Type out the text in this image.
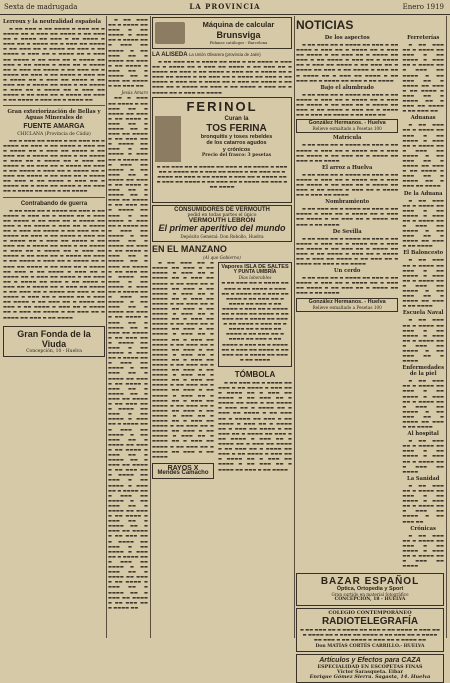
Sexta de madrugada	LA PROVINCIA	Enero 1919
Lerroux y la neutralidad española
▬ ▬▬ ▬▬▬ ▬ ▬▬ ▬▬▬▬ ▬ ▬▬▬ ▬▬ ▬ ▬▬▬▬ ▬▬ ▬ ▬▬▬ ▬▬ ▬▬▬▬ ▬ ▬▬ ▬▬▬ ▬▬ ▬ ▬▬▬▬ ▬▬ ▬▬▬ ▬ ▬▬ ▬▬▬▬ ▬ ▬▬▬ ▬▬ ▬ ▬▬▬▬ ▬▬ ▬ ▬▬▬ ▬▬ ▬▬▬▬ ▬ ▬▬ ▬▬▬ ▬▬ ▬ ▬▬▬▬ ▬▬ ▬▬▬ ▬ ▬▬ ▬▬▬▬ ▬ ▬▬▬ ▬▬ ▬ ▬▬▬▬ ▬▬ ▬ ▬▬▬ ▬▬ ▬▬▬▬ ▬ ▬▬ ▬▬▬ ▬▬ ▬ ▬▬▬▬ ▬▬ ▬▬▬ ▬ ▬▬ ▬▬▬▬ ▬ ▬▬▬ ▬▬ ▬ ▬▬▬▬ ▬▬ ▬ ▬▬▬ ▬▬ ▬▬▬▬ ▬ ▬▬ ▬▬▬ ▬▬ ▬ ▬▬▬▬ ▬▬ ▬▬▬ ▬ ▬▬ ▬▬▬▬ ▬ ▬▬▬ ▬▬ ▬ ▬▬▬▬ ▬▬ ▬ ▬▬▬ ▬▬ ▬▬▬▬ ▬ ▬▬ ▬▬▬ ▬▬ ▬ ▬▬▬▬ ▬▬ ▬▬▬ ▬ ▬▬ ▬▬▬▬ ▬ ▬▬▬ ▬▬ ▬ ▬▬▬▬ ▬▬ ▬ ▬▬▬ ▬▬ ▬▬▬▬ ▬ ▬▬ ▬▬▬ ▬▬ ▬ ▬▬▬▬ ▬▬ ▬▬▬ ▬ ▬▬ ▬▬▬▬ ▬ ▬▬▬ ▬▬ ▬ ▬▬▬▬ ▬▬
Gran exteriorización de Bellas y Aguas Minerales de
FUENTE AMARGA
CHICLANA (Provincia de Cádiz)
▬▬ ▬ ▬▬▬ ▬▬ ▬▬▬▬ ▬ ▬▬ ▬▬▬ ▬▬ ▬ ▬▬▬▬ ▬▬ ▬▬▬ ▬ ▬▬ ▬▬▬▬ ▬ ▬▬▬ ▬▬ ▬ ▬▬▬▬ ▬▬ ▬ ▬▬▬ ▬▬ ▬▬▬▬ ▬ ▬▬ ▬▬▬ ▬▬ ▬ ▬▬▬▬ ▬▬ ▬▬▬ ▬ ▬▬ ▬▬▬▬ ▬ ▬▬▬ ▬▬ ▬ ▬▬▬▬ ▬▬ ▬ ▬▬▬ ▬▬ ▬▬▬▬ ▬ ▬▬ ▬▬▬ ▬▬ ▬ ▬▬▬▬ ▬▬ ▬▬▬ ▬ ▬▬ ▬▬▬▬ ▬ ▬▬▬ ▬▬ ▬ ▬▬▬▬ ▬▬ ▬ ▬▬▬ ▬▬ ▬▬▬▬ ▬ ▬▬ ▬▬▬ ▬▬ ▬ ▬▬▬▬ ▬▬ ▬▬▬ ▬ ▬▬ ▬▬▬▬ ▬ ▬▬▬ ▬▬ ▬ ▬▬▬▬ ▬▬ ▬ ▬▬▬ ▬▬ ▬▬▬▬ ▬ ▬▬ ▬▬▬ ▬▬ ▬ ▬▬▬▬ ▬▬ ▬▬▬ ▬ ▬▬ ▬▬▬▬
Contrabando de guerra
▬ ▬▬ ▬▬▬ ▬▬ ▬ ▬▬▬▬ ▬▬ ▬▬▬ ▬ ▬▬ ▬▬▬▬ ▬ ▬▬▬ ▬▬ ▬ ▬▬▬▬ ▬▬ ▬ ▬▬▬ ▬▬ ▬▬▬▬ ▬ ▬▬ ▬▬▬ ▬▬ ▬ ▬▬▬▬ ▬▬ ▬▬▬ ▬ ▬▬ ▬▬▬▬ ▬ ▬▬▬ ▬▬ ▬ ▬▬▬▬ ▬▬ ▬ ▬▬▬ ▬▬ ▬▬▬▬ ▬ ▬▬ ▬▬▬ ▬▬ ▬ ▬▬▬▬ ▬▬ ▬▬▬ ▬ ▬▬ ▬▬▬▬ ▬ ▬▬▬ ▬▬ ▬ ▬▬▬▬ ▬▬ ▬ ▬▬▬ ▬▬ ▬▬▬▬ ▬ ▬▬ ▬▬▬ ▬▬ ▬ ▬▬▬▬ ▬▬ ▬▬▬ ▬ ▬▬ ▬▬▬▬ ▬ ▬▬▬ ▬▬ ▬ ▬▬▬▬ ▬▬ ▬ ▬▬▬ ▬▬ ▬▬▬▬ ▬ ▬▬ ▬▬▬ ▬▬ ▬ ▬▬▬▬ ▬▬ ▬▬▬ ▬ ▬▬ ▬▬▬▬ ▬ ▬▬▬ ▬▬ ▬ ▬▬▬▬ ▬▬ ▬ ▬▬▬ ▬▬ ▬▬▬▬ ▬ ▬▬ ▬▬▬ ▬▬ ▬ ▬▬▬▬ ▬▬ ▬▬▬ ▬ ▬▬ ▬▬▬▬ ▬ ▬▬▬ ▬▬ ▬ ▬▬▬▬ ▬▬ ▬ ▬▬▬ ▬▬ ▬▬▬▬ ▬ ▬▬ ▬▬▬ ▬▬ ▬ ▬▬▬▬ ▬▬ ▬▬▬ ▬ ▬▬ ▬▬▬▬ ▬ ▬▬▬ ▬▬ ▬ ▬▬▬▬ ▬▬ ▬ ▬▬▬ ▬▬ ▬▬▬▬ ▬ ▬▬ ▬▬▬ ▬▬ ▬ ▬▬▬▬ ▬▬ ▬▬▬ ▬ ▬▬ ▬▬▬▬ ▬ ▬▬▬ ▬▬ ▬ ▬▬▬▬ ▬▬ ▬ ▬▬▬ ▬▬ ▬▬▬▬ ▬ ▬▬ ▬▬▬ ▬▬ ▬ ▬▬▬▬ ▬▬ ▬▬▬ ▬ ▬▬ ▬▬▬▬ ▬ ▬▬▬ ▬▬ ▬ ▬▬▬▬ ▬▬ ▬ ▬▬▬ ▬▬ ▬▬▬▬ ▬ ▬▬ ▬▬▬ ▬▬ ▬ ▬▬▬▬ ▬▬ ▬▬▬ ▬ ▬▬ ▬▬▬▬
Gran Fonda de la Viuda
Concepción, 10 - Huelva
▬ ▬▬ ▬▬▬ ▬▬ ▬ ▬▬▬▬ ▬▬ ▬▬▬ ▬ ▬▬ ▬▬▬▬ ▬ ▬▬▬ ▬▬ ▬ ▬▬▬▬ ▬▬ ▬ ▬▬▬ ▬▬ ▬▬▬▬ ▬ ▬▬ ▬▬▬ ▬▬ ▬ ▬▬▬▬ ▬▬ ▬▬▬ ▬ ▬▬ ▬▬▬▬ ▬ ▬▬▬ ▬▬ ▬ ▬▬▬▬ ▬▬ ▬ ▬▬▬ ▬▬ ▬▬▬▬ ▬ ▬▬ ▬▬▬ ▬▬
Jesús Amaro
▬▬ ▬ ▬▬▬ ▬▬ ▬▬▬▬ ▬ ▬▬ ▬▬▬ ▬▬ ▬ ▬▬▬▬ ▬▬ ▬▬▬ ▬ ▬▬ ▬▬▬▬ ▬ ▬▬▬ ▬▬ ▬ ▬▬▬▬ ▬▬ ▬ ▬▬▬ ▬▬ ▬▬▬▬ ▬ ▬▬ ▬▬▬ ▬▬ ▬ ▬▬▬▬ ▬▬ ▬▬▬ ▬ ▬▬ ▬▬▬▬ ▬ ▬▬▬ ▬▬ ▬ ▬▬▬▬ ▬▬ ▬ ▬▬▬ ▬▬ ▬▬▬▬ ▬ ▬▬ ▬▬▬ ▬▬ ▬ ▬▬▬▬ ▬▬ ▬▬▬ ▬ ▬▬ ▬▬▬▬ ▬ ▬▬▬ ▬▬ ▬ ▬▬▬▬ ▬▬ ▬ ▬▬▬ ▬▬ ▬▬▬▬ ▬ ▬▬ ▬▬▬ ▬▬ ▬ ▬▬▬▬ ▬▬ ▬▬▬ ▬ ▬▬ ▬▬▬▬ ▬ ▬▬▬ ▬▬ ▬ ▬▬▬▬ ▬▬ ▬ ▬▬▬ ▬▬ ▬▬▬▬ ▬ ▬▬ ▬▬▬ ▬▬ ▬ ▬▬▬▬ ▬▬ ▬▬▬ ▬ ▬▬ ▬▬▬▬ ▬ ▬▬▬ ▬▬ ▬ ▬▬▬▬ ▬▬ ▬ ▬▬▬ ▬▬ ▬▬▬▬ ▬ ▬▬ ▬▬▬ ▬▬ ▬ ▬▬▬▬ ▬▬ ▬▬▬ ▬ ▬▬ ▬▬▬▬ ▬ ▬▬▬ ▬▬ ▬ ▬▬▬▬ ▬▬ ▬ ▬▬▬ ▬▬ ▬▬▬▬ ▬ ▬▬ ▬▬▬ ▬▬ ▬ ▬▬▬▬ ▬▬ ▬▬▬ ▬ ▬▬ ▬▬▬▬ ▬ ▬▬▬ ▬▬ ▬ ▬▬▬▬ ▬▬ ▬ ▬▬▬ ▬▬ ▬▬▬▬ ▬ ▬▬ ▬▬▬ ▬▬ ▬ ▬▬▬▬ ▬▬ ▬▬▬ ▬ ▬▬ ▬▬▬▬ ▬ ▬▬▬ ▬▬ ▬ ▬▬▬▬ ▬▬ ▬ ▬▬▬ ▬▬ ▬▬▬▬ ▬ ▬▬ ▬▬▬ ▬▬ ▬ ▬▬▬▬ ▬▬ ▬▬▬ ▬ ▬▬ ▬▬▬▬ ▬ ▬▬▬ ▬▬ ▬ ▬▬▬▬ ▬▬ ▬ ▬▬▬ ▬▬ ▬▬▬▬ ▬ ▬▬ ▬▬▬ ▬▬ ▬ ▬▬▬▬ ▬▬ ▬▬▬ ▬ ▬▬ ▬▬▬▬ ▬ ▬▬▬ ▬▬ ▬ ▬▬▬▬ ▬▬ ▬ ▬▬▬ ▬▬ ▬▬▬▬ ▬ ▬▬ ▬▬▬ ▬▬ ▬ ▬▬▬▬ ▬▬ ▬▬▬ ▬ ▬▬ ▬▬▬▬ ▬ ▬▬▬ ▬▬ ▬ ▬▬▬▬ ▬▬ ▬ ▬▬▬ ▬▬ ▬▬▬▬ ▬ ▬▬ ▬▬▬ ▬▬ ▬ ▬▬▬▬ ▬▬ ▬▬▬ ▬ ▬▬ ▬▬▬▬ ▬ ▬▬▬ ▬▬ ▬ ▬▬▬▬ ▬▬ ▬ ▬▬▬ ▬▬ ▬▬▬▬ ▬ ▬▬ ▬▬▬ ▬▬ ▬ ▬▬▬▬ ▬▬ ▬▬▬ ▬ ▬▬ ▬▬▬▬ ▬ ▬▬▬ ▬▬ ▬ ▬▬▬▬ ▬▬ ▬ ▬▬▬ ▬▬ ▬▬▬▬ ▬ ▬▬ ▬▬▬ ▬▬ ▬ ▬▬▬▬ ▬▬ ▬▬▬ ▬ ▬▬ ▬▬▬▬ ▬ ▬▬▬ ▬▬ ▬ ▬▬▬▬ ▬▬ ▬ ▬▬▬ ▬▬ ▬▬▬▬ ▬ ▬▬ ▬▬▬ ▬▬ ▬ ▬▬▬▬ ▬▬ ▬▬▬ ▬ ▬▬ ▬▬▬▬ ▬ ▬▬▬ ▬▬ ▬ ▬▬▬▬ ▬▬ ▬ ▬▬▬ ▬▬ ▬▬▬▬ ▬ ▬▬ ▬▬▬ ▬▬ ▬ ▬▬▬▬ ▬▬
Máquina de calcular
Brunsviga
Pídanse catálogos - Barcelona
LA ALISEDA La Unión Olivarera (provincia de Jaén)
▬ ▬▬ ▬▬▬ ▬▬ ▬ ▬▬▬▬ ▬▬ ▬▬▬ ▬ ▬▬ ▬▬▬▬ ▬ ▬▬▬ ▬▬ ▬ ▬▬▬▬ ▬▬ ▬ ▬▬▬ ▬▬ ▬▬▬▬ ▬ ▬▬ ▬▬▬ ▬▬ ▬ ▬▬▬▬ ▬▬ ▬▬▬ ▬ ▬▬ ▬▬▬▬ ▬ ▬▬▬ ▬▬ ▬ ▬▬▬▬ ▬▬ ▬ ▬▬▬ ▬▬ ▬▬▬▬ ▬ ▬▬ ▬▬▬ ▬▬ ▬ ▬▬▬▬ ▬▬ ▬▬▬ ▬ ▬▬ ▬▬▬▬ ▬ ▬▬▬ ▬▬ ▬ ▬▬▬▬ ▬▬ ▬ ▬▬▬ ▬▬ ▬▬▬▬ ▬ ▬▬ ▬▬▬ ▬▬ ▬ ▬▬▬▬ ▬▬ ▬▬▬ ▬ ▬▬ ▬▬▬▬ ▬ ▬▬▬ ▬▬ ▬ ▬▬▬▬ ▬▬ ▬ ▬▬▬ ▬▬ ▬▬▬▬
FERINOL
Curan la
TOS FERINA
bronquitis y toses rebeldes
de los catarros agudos
y crónicos
Precio del frasco: 3 pesetas
▬ ▬▬ ▬▬▬ ▬▬ ▬ ▬▬▬▬ ▬▬ ▬▬▬ ▬ ▬▬ ▬▬▬▬ ▬ ▬▬▬ ▬▬ ▬ ▬▬▬▬ ▬▬ ▬ ▬▬▬ ▬▬ ▬▬▬▬ ▬ ▬▬ ▬▬▬ ▬▬ ▬ ▬▬▬▬ ▬▬ ▬▬▬ ▬ ▬▬ ▬▬▬▬ ▬ ▬▬▬ ▬▬ ▬ ▬▬▬▬ ▬▬ ▬ ▬▬▬ ▬▬ ▬▬▬▬ ▬ ▬▬ ▬▬▬ ▬▬ ▬ ▬▬▬▬ ▬▬ ▬▬▬ ▬ ▬▬ ▬▬▬▬
CONSUMIDORES DE VERMOUTH
pedid en todas partes el único
VERMOUTH LEBRÓN
El primer aperitivo del mundo
Depósito General: Don Rebollo, Huelva
EN EL MANZANO
(Al que Gobierno)
▬ ▬▬ ▬▬▬ ▬▬ ▬ ▬▬▬▬ ▬▬ ▬▬▬ ▬ ▬▬ ▬▬▬▬ ▬ ▬▬▬ ▬▬ ▬ ▬▬▬▬ ▬▬ ▬ ▬▬▬ ▬▬ ▬▬▬▬ ▬ ▬▬ ▬▬▬ ▬▬ ▬ ▬▬▬▬ ▬▬ ▬▬▬ ▬ ▬▬ ▬▬▬▬ ▬ ▬▬▬ ▬▬ ▬ ▬▬▬▬ ▬▬ ▬ ▬▬▬ ▬▬ ▬▬▬▬ ▬ ▬▬ ▬▬▬ ▬▬ ▬ ▬▬▬▬ ▬▬ ▬▬▬ ▬ ▬▬ ▬▬▬▬ ▬ ▬▬▬ ▬▬ ▬ ▬▬▬▬ ▬▬ ▬ ▬▬▬ ▬▬ ▬▬▬▬ ▬ ▬▬ ▬▬▬ ▬▬ ▬ ▬▬▬▬ ▬▬ ▬▬▬ ▬ ▬▬ ▬▬▬▬ ▬ ▬▬▬ ▬▬ ▬ ▬▬▬▬ ▬▬ ▬ ▬▬▬ ▬▬ ▬▬▬▬ ▬ ▬▬ ▬▬▬ ▬▬ ▬ ▬▬▬▬ ▬▬ ▬▬▬ ▬ ▬▬ ▬▬▬▬ ▬ ▬▬▬ ▬▬ ▬ ▬▬▬▬ ▬▬ ▬ ▬▬▬ ▬▬ ▬▬▬▬ ▬ ▬▬ ▬▬▬ ▬▬ ▬ ▬▬▬▬ ▬▬ ▬▬▬ ▬ ▬▬ ▬▬▬▬ ▬ ▬▬▬ ▬▬ ▬ ▬▬▬▬ ▬▬ ▬ ▬▬▬ ▬▬ ▬▬▬▬ ▬ ▬▬ ▬▬▬ ▬▬ ▬ ▬▬▬▬ ▬▬ ▬▬▬ ▬ ▬▬ ▬▬▬▬ ▬ ▬▬▬ ▬▬ ▬ ▬▬▬▬ ▬▬ ▬ ▬▬▬ ▬▬ ▬▬▬▬ ▬ ▬▬ ▬▬▬ ▬▬ ▬ ▬▬▬▬ ▬▬ ▬▬▬ ▬ ▬▬ ▬▬▬▬ ▬ ▬▬▬ ▬▬ ▬ ▬▬▬▬ ▬▬ ▬ ▬▬▬ ▬▬ ▬▬▬▬ ▬ ▬▬ ▬▬▬ ▬▬ ▬ ▬▬▬▬ ▬▬ ▬▬▬ ▬ ▬▬ ▬▬▬▬ ▬ ▬▬▬ ▬▬ ▬ ▬▬▬▬ ▬▬ ▬ ▬▬▬ ▬▬ ▬▬▬▬ ▬ ▬▬ ▬▬▬ ▬▬ ▬ ▬▬▬▬ ▬▬ ▬▬▬ ▬ ▬▬ ▬▬▬▬
RAYOS X
Mendes Camacho
Vapores ISLA DE SALTES
Y PUNTA UMBRÍA
Días laborables
▬ ▬▬ ▬▬▬ ▬▬ ▬ ▬▬▬▬ ▬▬ ▬▬▬ ▬ ▬▬ ▬▬▬▬ ▬ ▬▬▬ ▬▬ ▬ ▬▬▬▬ ▬▬ ▬ ▬▬▬ ▬▬ ▬▬▬▬ ▬ ▬▬ ▬▬▬ ▬▬ ▬ ▬▬▬▬ ▬▬ ▬▬▬ ▬ ▬▬ ▬▬▬▬ ▬ ▬▬▬ ▬▬ ▬ ▬▬▬▬ ▬▬ ▬ ▬▬▬ ▬▬ ▬▬▬▬ ▬ ▬▬ ▬▬▬ ▬▬ ▬ ▬▬▬▬ ▬▬ ▬▬▬ ▬ ▬▬ ▬▬▬▬ ▬ ▬▬▬ ▬▬ ▬ ▬▬▬▬ ▬▬ ▬ ▬▬▬ ▬▬ ▬▬▬▬ ▬ ▬▬ ▬▬▬ ▬▬ ▬ ▬▬▬▬ ▬▬ ▬▬▬ ▬ ▬▬ ▬▬▬▬ ▬ ▬▬▬ ▬▬ ▬ ▬▬▬▬ ▬▬ ▬ ▬▬▬ ▬▬ ▬▬▬▬ ▬ ▬▬ ▬▬▬ ▬▬ ▬ ▬▬▬▬ ▬▬ ▬▬▬ ▬ ▬▬ ▬▬▬▬
TÓMBOLA
▬ ▬▬ ▬▬▬ ▬▬ ▬ ▬▬▬▬ ▬▬ ▬▬▬ ▬ ▬▬ ▬▬▬▬ ▬ ▬▬▬ ▬▬ ▬ ▬▬▬▬ ▬▬ ▬ ▬▬▬ ▬▬ ▬▬▬▬ ▬ ▬▬ ▬▬▬ ▬▬ ▬ ▬▬▬▬ ▬▬ ▬▬▬ ▬ ▬▬ ▬▬▬▬ ▬ ▬▬▬ ▬▬ ▬ ▬▬▬▬ ▬▬ ▬ ▬▬▬ ▬▬ ▬▬▬▬ ▬ ▬▬ ▬▬▬ ▬▬ ▬ ▬▬▬▬ ▬▬ ▬▬▬ ▬ ▬▬ ▬▬▬▬ ▬ ▬▬▬ ▬▬ ▬ ▬▬▬▬ ▬▬ ▬ ▬▬▬ ▬▬ ▬▬▬▬ ▬ ▬▬ ▬▬▬ ▬▬ ▬ ▬▬▬▬ ▬▬ ▬▬▬ ▬ ▬▬ ▬▬▬▬ ▬ ▬▬▬ ▬▬ ▬ ▬▬▬▬ ▬▬ ▬ ▬▬▬ ▬▬ ▬▬▬▬ ▬ ▬▬ ▬▬▬ ▬▬ ▬ ▬▬▬▬ ▬▬ ▬▬▬ ▬ ▬▬ ▬▬▬▬ ▬ ▬▬▬ ▬▬ ▬ ▬▬▬▬ ▬▬ ▬ ▬▬▬ ▬▬ ▬▬▬▬ ▬ ▬▬ ▬▬▬ ▬▬ ▬ ▬▬▬▬ ▬▬ ▬▬▬ ▬ ▬▬ ▬▬▬▬
NOTICIAS
De los aspectos
▬ ▬▬ ▬▬▬ ▬▬ ▬ ▬▬▬▬ ▬▬ ▬▬▬ ▬ ▬▬ ▬▬▬▬ ▬ ▬▬▬ ▬▬ ▬ ▬▬▬▬ ▬▬ ▬ ▬▬▬ ▬▬ ▬▬▬▬ ▬ ▬▬ ▬▬▬ ▬▬ ▬ ▬▬▬▬ ▬▬ ▬▬▬ ▬ ▬▬ ▬▬▬▬ ▬ ▬▬▬ ▬▬ ▬ ▬▬▬▬ ▬▬ ▬ ▬▬▬ ▬▬ ▬▬▬▬ ▬ ▬▬ ▬▬▬ ▬▬ ▬ ▬▬▬▬ ▬▬ ▬▬▬ ▬ ▬▬ ▬▬▬▬ ▬ ▬▬▬ ▬▬ ▬ ▬▬▬▬ ▬▬ ▬ ▬▬▬ ▬▬ ▬▬▬▬ ▬ ▬▬ ▬▬▬ ▬▬ ▬ ▬▬▬▬ ▬▬ ▬▬▬ ▬ ▬▬ ▬▬▬▬
Bajo el alumbrado
▬ ▬▬ ▬▬▬ ▬▬ ▬ ▬▬▬▬ ▬▬ ▬▬▬ ▬ ▬▬ ▬▬▬▬ ▬ ▬▬▬ ▬▬ ▬ ▬▬▬▬ ▬▬ ▬ ▬▬▬ ▬▬ ▬▬▬▬ ▬ ▬▬ ▬▬▬ ▬▬ ▬ ▬▬▬▬ ▬▬ ▬▬▬ ▬ ▬▬ ▬▬▬▬ ▬ ▬▬▬ ▬▬ ▬ ▬▬▬▬ ▬▬ ▬ ▬▬▬ ▬▬ ▬▬▬▬ ▬ ▬▬ ▬▬▬ ▬▬
González Hermanos. - Huelva
Relieve esmaltado a Pesetas 100
Matrícula
▬ ▬▬ ▬▬▬ ▬▬ ▬ ▬▬▬▬ ▬▬ ▬▬▬ ▬ ▬▬ ▬▬▬▬ ▬ ▬▬▬ ▬▬ ▬ ▬▬▬▬ ▬▬ ▬ ▬▬▬ ▬▬ ▬▬▬▬ ▬ ▬▬ ▬▬▬ ▬▬ ▬ ▬▬▬▬ ▬▬ ▬▬▬ ▬ ▬▬ ▬▬▬▬
El arroz a Huelva
▬ ▬▬ ▬▬▬ ▬▬ ▬ ▬▬▬▬ ▬▬ ▬▬▬ ▬ ▬▬ ▬▬▬▬ ▬ ▬▬▬ ▬▬ ▬ ▬▬▬▬ ▬▬ ▬ ▬▬▬ ▬▬ ▬▬▬▬ ▬ ▬▬ ▬▬▬ ▬▬ ▬ ▬▬▬▬ ▬▬ ▬▬▬ ▬ ▬▬ ▬▬▬▬ ▬ ▬▬▬ ▬▬ ▬ ▬▬▬▬ ▬▬ ▬ ▬▬▬ ▬▬ ▬▬▬▬
Nombramiento
▬ ▬▬ ▬▬▬ ▬▬ ▬ ▬▬▬▬ ▬▬ ▬▬▬ ▬ ▬▬ ▬▬▬▬ ▬ ▬▬▬ ▬▬ ▬ ▬▬▬▬ ▬▬ ▬ ▬▬▬ ▬▬ ▬▬▬▬ ▬ ▬▬ ▬▬▬ ▬▬ ▬ ▬▬▬▬ ▬▬ ▬▬▬ ▬ ▬▬ ▬▬▬▬
De Sevilla
▬ ▬▬ ▬▬▬ ▬▬ ▬ ▬▬▬▬ ▬▬ ▬▬▬ ▬ ▬▬ ▬▬▬▬ ▬ ▬▬▬ ▬▬ ▬ ▬▬▬▬ ▬▬ ▬ ▬▬▬ ▬▬ ▬▬▬▬ ▬ ▬▬ ▬▬▬ ▬▬ ▬ ▬▬▬▬ ▬▬ ▬▬▬ ▬ ▬▬ ▬▬▬▬ ▬ ▬▬▬ ▬▬ ▬ ▬▬▬▬ ▬▬ ▬ ▬▬▬ ▬▬ ▬▬▬▬ ▬ ▬▬ ▬▬▬ ▬▬ ▬ ▬▬▬▬ ▬▬ ▬▬▬ ▬ ▬▬ ▬▬▬▬
Un cerdo
▬ ▬▬ ▬▬▬ ▬▬ ▬ ▬▬▬▬ ▬▬ ▬▬▬ ▬ ▬▬ ▬▬▬▬ ▬ ▬▬▬ ▬▬ ▬ ▬▬▬▬ ▬▬ ▬ ▬▬▬ ▬▬ ▬▬▬▬ ▬ ▬▬ ▬▬▬ ▬▬ ▬ ▬▬▬▬ ▬▬ ▬▬▬ ▬ ▬▬ ▬▬▬▬
González Hermanos. - Huelva
Relieve esmaltado a Pesetas 100
Ferreterías
▬ ▬▬ ▬▬▬ ▬▬ ▬ ▬▬▬▬ ▬▬ ▬▬▬ ▬ ▬▬ ▬▬▬▬ ▬ ▬▬▬ ▬▬ ▬ ▬▬▬▬ ▬▬ ▬ ▬▬▬ ▬▬ ▬▬▬▬ ▬ ▬▬ ▬▬▬ ▬▬ ▬ ▬▬▬▬ ▬▬ ▬▬▬ ▬ ▬▬ ▬▬▬▬ ▬ ▬▬▬ ▬▬ ▬ ▬▬▬▬ ▬▬ ▬ ▬▬▬ ▬▬ ▬▬▬▬ ▬ ▬▬ ▬▬▬ ▬▬
Aduanas
▬ ▬▬ ▬▬▬ ▬▬ ▬ ▬▬▬▬ ▬▬ ▬▬▬ ▬ ▬▬ ▬▬▬▬ ▬ ▬▬▬ ▬▬ ▬ ▬▬▬▬ ▬▬ ▬ ▬▬▬ ▬▬ ▬▬▬▬ ▬ ▬▬ ▬▬▬ ▬▬ ▬ ▬▬▬▬ ▬▬ ▬▬▬ ▬ ▬▬ ▬▬▬▬ ▬ ▬▬▬ ▬▬ ▬ ▬▬▬▬ ▬▬ ▬ ▬▬▬ ▬▬ ▬▬▬▬
De la Aduana
▬ ▬▬ ▬▬▬ ▬▬ ▬ ▬▬▬▬ ▬▬ ▬▬▬ ▬ ▬▬ ▬▬▬▬ ▬ ▬▬▬ ▬▬ ▬ ▬▬▬▬ ▬▬ ▬ ▬▬▬ ▬▬ ▬▬▬▬ ▬ ▬▬ ▬▬▬ ▬▬ ▬ ▬▬▬▬ ▬▬ ▬▬▬ ▬ ▬▬ ▬▬▬▬
El Baloncesto
▬ ▬▬ ▬▬▬ ▬▬ ▬ ▬▬▬▬ ▬▬ ▬▬▬ ▬ ▬▬ ▬▬▬▬ ▬ ▬▬▬ ▬▬ ▬ ▬▬▬▬ ▬▬ ▬ ▬▬▬ ▬▬ ▬▬▬▬ ▬ ▬▬ ▬▬▬ ▬▬ ▬ ▬▬▬▬ ▬▬ ▬▬▬ ▬ ▬▬ ▬▬▬▬
Escuela Naval
▬ ▬▬ ▬▬▬ ▬▬ ▬ ▬▬▬▬ ▬▬ ▬▬▬ ▬ ▬▬ ▬▬▬▬ ▬ ▬▬▬ ▬▬ ▬ ▬▬▬▬ ▬▬ ▬ ▬▬▬ ▬▬ ▬▬▬▬ ▬ ▬▬ ▬▬▬ ▬▬ ▬ ▬▬▬▬
Enfermedades de la piel
▬ ▬▬ ▬▬▬ ▬▬ ▬ ▬▬▬▬ ▬▬ ▬▬▬ ▬ ▬▬ ▬▬▬▬ ▬ ▬▬▬ ▬▬ ▬ ▬▬▬▬ ▬▬ ▬ ▬▬▬ ▬▬ ▬▬▬▬ ▬ ▬▬ ▬▬▬ ▬▬ ▬ ▬▬▬▬ ▬▬ ▬▬▬ ▬ ▬▬ ▬▬▬▬
Al hospital
▬ ▬▬ ▬▬▬ ▬▬ ▬ ▬▬▬▬ ▬▬ ▬▬▬ ▬ ▬▬ ▬▬▬▬ ▬ ▬▬▬ ▬▬ ▬ ▬▬▬▬ ▬▬ ▬ ▬▬▬ ▬▬ ▬▬▬▬
La Sanidad
▬ ▬▬ ▬▬▬ ▬▬ ▬ ▬▬▬▬ ▬▬ ▬▬▬ ▬ ▬▬ ▬▬▬▬ ▬ ▬▬▬ ▬▬ ▬ ▬▬▬▬ ▬▬ ▬ ▬▬▬ ▬▬ ▬▬▬▬ ▬ ▬▬ ▬▬▬ ▬▬
Crónicas
▬ ▬▬ ▬▬▬ ▬▬ ▬ ▬▬▬▬ ▬▬ ▬▬▬ ▬ ▬▬ ▬▬▬▬ ▬ ▬▬▬ ▬▬ ▬ ▬▬▬▬ ▬▬ ▬ ▬▬▬ ▬▬ ▬▬▬▬
BAZAR ESPAÑOL
Óptica, Ortopedia y Sport
Gran surtido en material fotográfico
CONCEPCIÓN, 18 - HUELVA
COLEGIO CONTEMPORÁNEO
RADIOTELEGRAFÍA
▬ ▬▬ ▬▬▬ ▬▬ ▬ ▬▬▬▬ ▬▬ ▬▬▬ ▬ ▬▬ ▬▬▬▬ ▬ ▬▬▬ ▬▬ ▬ ▬▬▬▬ ▬▬ ▬ ▬▬▬ ▬▬ ▬▬▬▬ ▬ ▬▬ ▬▬▬ ▬▬ ▬ ▬▬▬▬ ▬▬ ▬▬▬ ▬ ▬▬ ▬▬▬▬ ▬ ▬▬▬ ▬▬ ▬ ▬▬▬▬ ▬▬
Don MATÍAS CORTÉS CARRILLO.- HUELVA
Artículos y Efectos para CAZA
ESPECIALIDAD EN ESCOPETAS FINAS
Víctor Sarasqueta. Eibar
Enrique Gómez Sierra. Sagasta, 14. Huelva
